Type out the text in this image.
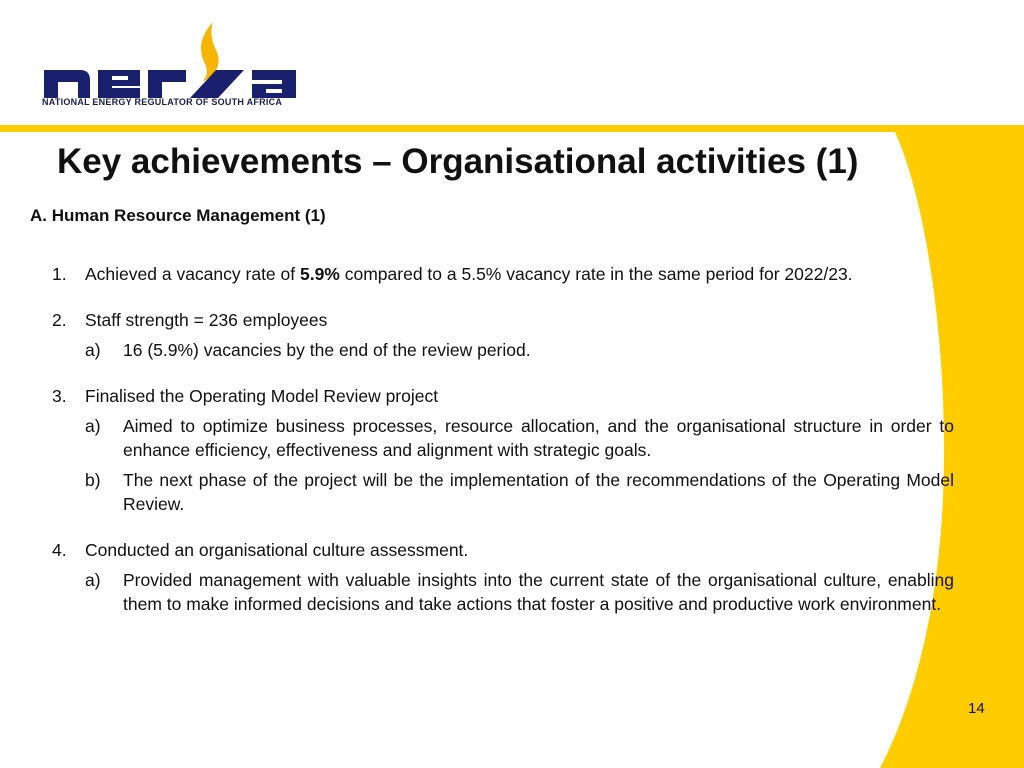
NATIONAL ENERGY REGULATOR OF SOUTH AFRICA
Key achievements – Organisational activities (1)
A. Human Resource Management (1)
1.	Achieved a vacancy rate of 5.9% compared to a 5.5% vacancy rate in the same period for 2022/23.
2.	Staff strength = 236 employees
a)	16 (5.9%) vacancies by the end of the review period.
3.	Finalised the Operating Model Review project
a)	Aimed to optimize business processes, resource allocation, and the organisational structure in order to enhance efficiency, effectiveness and alignment with strategic goals.
b)	The next phase of the project will be the implementation of the recommendations of the Operating Model Review.
4.	Conducted an organisational culture assessment.
a)	Provided management with valuable insights into the current state of the organisational culture, enabling them to make informed decisions and take actions that foster a positive and productive work environment.
14
